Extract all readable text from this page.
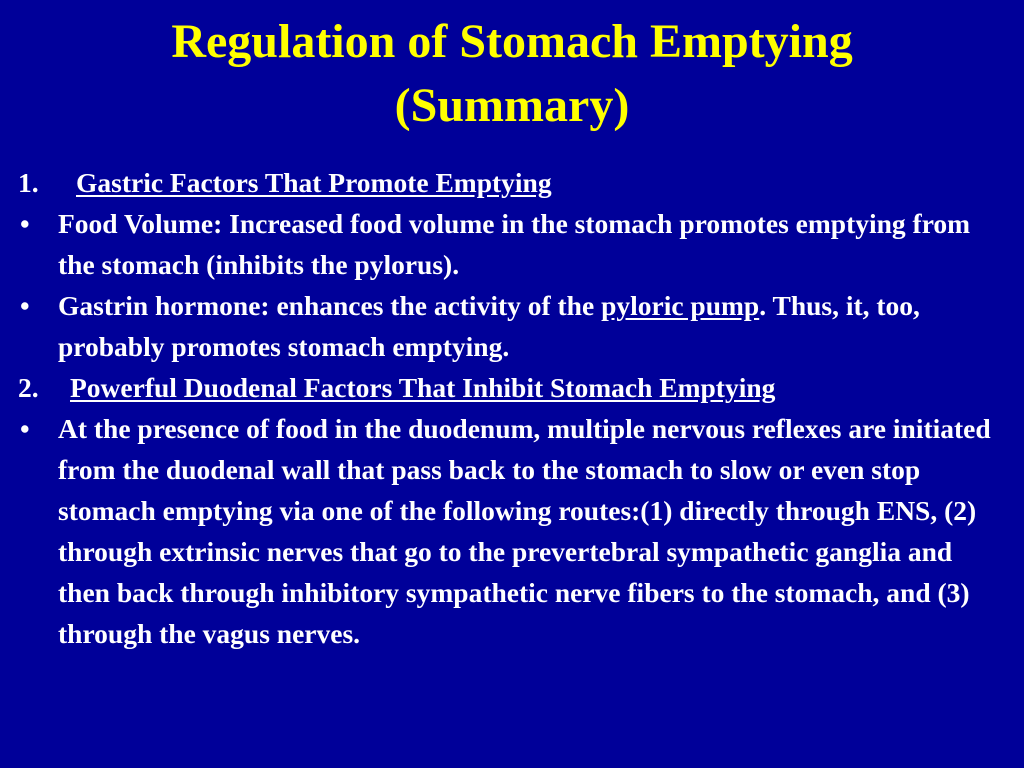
Regulation of Stomach Emptying
(Summary)
1. Gastric Factors That Promote Emptying
• Food Volume: Increased food volume in the stomach promotes emptying from the stomach (inhibits the pylorus).
• Gastrin hormone: enhances the activity of the pyloric pump. Thus, it, too, probably promotes stomach emptying.
2. Powerful Duodenal Factors That Inhibit Stomach Emptying
• At the presence of food in the duodenum, multiple nervous reflexes are initiated from the duodenal wall that pass back to the stomach to slow or even stop stomach emptying via one of the following routes:(1) directly through ENS, (2) through extrinsic nerves that go to the prevertebral sympathetic ganglia and then back through inhibitory sympathetic nerve fibers to the stomach, and (3) through the vagus nerves.
